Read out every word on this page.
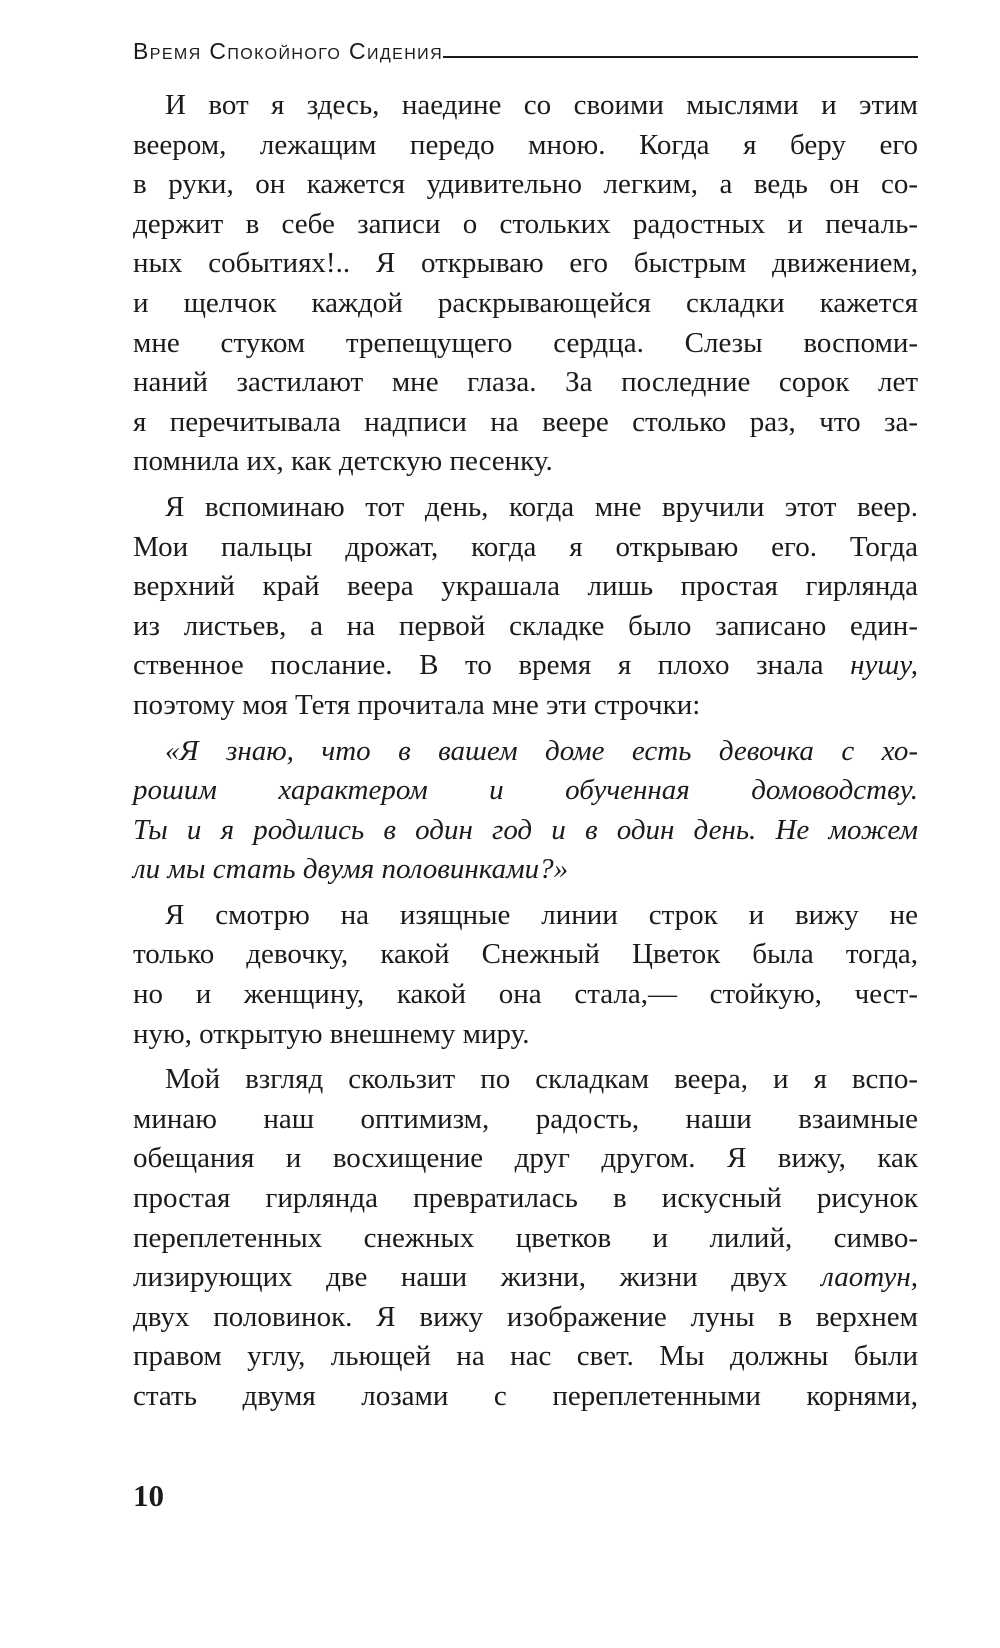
Время Спокойного Сидения
И вот я здесь, наедине со своими мыслями и этим
веером, лежащим передо мною. Когда я беру его
в руки, он кажется удивительно легким, а ведь он со-
держит в себе записи о стольких радостных и печаль-
ных событиях!.. Я открываю его быстрым движением,
и щелчок каждой раскрывающейся складки кажется
мне стуком трепещущего сердца. Слезы воспоми-
наний застилают мне глаза. За последние сорок лет
я перечитывала надписи на веере столько раз, что за-
помнила их, как детскую песенку.
Я вспоминаю тот день, когда мне вручили этот веер.
Мои пальцы дрожат, когда я открываю его. Тогда
верхний край веера украшала лишь простая гирлянда
из листьев, а на первой складке было записано един-
ственное послание. В то время я плохо знала нушу,
поэтому моя Тетя прочитала мне эти строчки:
«Я знаю, что в вашем доме есть девочка с хо-
рошим характером и обученная домоводству.
Ты и я родились в один год и в один день. Не можем
ли мы стать двумя половинками?»
Я смотрю на изящные линии строк и вижу не
только девочку, какой Снежный Цветок была тогда,
но и женщину, какой она стала,— стойкую, чест-
ную, открытую внешнему миру.
Мой взгляд скользит по складкам веера, и я вспо-
минаю наш оптимизм, радость, наши взаимные
обещания и восхищение друг другом. Я вижу, как
простая гирлянда превратилась в искусный рисунок
переплетенных снежных цветков и лилий, симво-
лизирующих две наши жизни, жизни двух лаотун,
двух половинок. Я вижу изображение луны в верхнем
правом углу, льющей на нас свет. Мы должны были
стать двумя лозами с переплетенными корнями,
10
